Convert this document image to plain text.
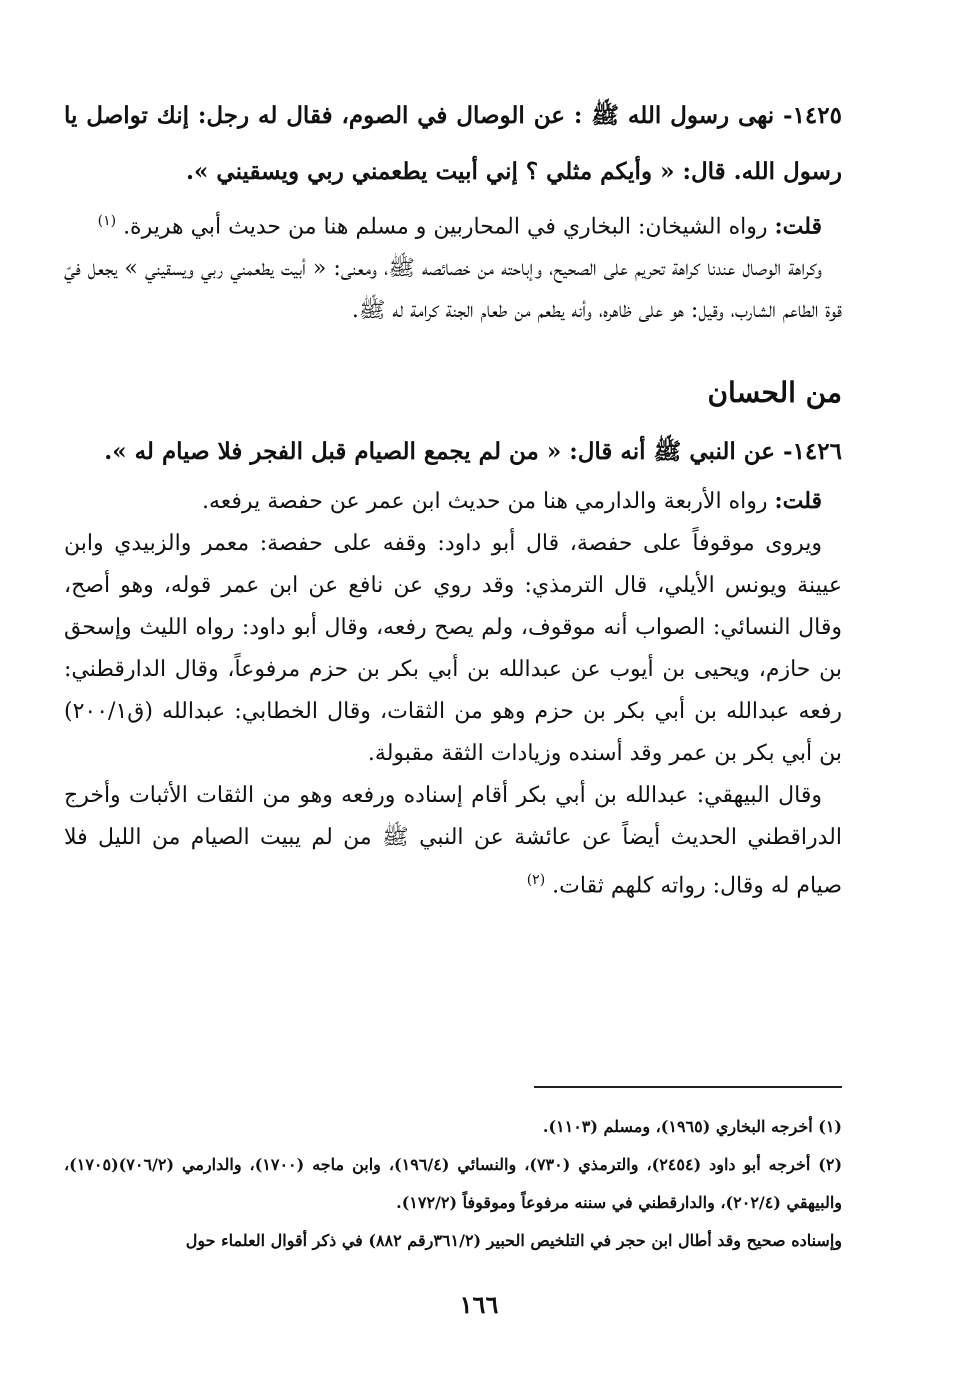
١٤٢٥- نهى رسول الله ﷺ : عن الوصال في الصوم، فقال له رجل: إنك تواصل يا رسول الله. قال: « وأيكم مثلي ؟ إني أبيت يطعمني ربي ويسقيني ».

قلت: رواه الشيخان: البخاري في المحاربين و مسلم هنا من حديث أبي هريرة. $^{(١)}$

وكراهة الوصال عندنا كراهة تحريم على الصحيح، وإباحته من خصائصه ﷺ، ومعنى: « أبيت يطعمني ربي ويسقيني » يجعل فيّ قوة الطاعم الشارب، وقيل: هو على ظاهره، وأنه يطعم من طعام الجنة كرامة له ﷺ.

من الحسان

١٤٢٦- عن النبي ﷺ أنه قال: « من لم يجمع الصيام قبل الفجر فلا صيام له ».

قلت: رواه الأربعة والدارمي هنا من حديث ابن عمر عن حفصة يرفعه.

ويروى موقوفاً على حفصة، قال أبو داود: وقفه على حفصة: معمر والزبيدي وابن عيينة ويونس الأيلي، قال الترمذي: وقد روي عن نافع عن ابن عمر قوله، وهو أصح، وقال النسائي: الصواب أنه موقوف، ولم يصح رفعه، وقال أبو داود: رواه الليث وإسحق بن حازم، ويحيى بن أيوب عن عبدالله بن أبي بكر بن حزم مرفوعاً، وقال الدارقطني: رفعه عبدالله بن أبي بكر بن حزم وهو من الثقات، وقال الخطابي: عبدالله (ق٢٠٠/١) بن أبي بكر بن عمر وقد أسنده وزيادات الثقة مقبولة.

وقال البيهقي: عبدالله بن أبي بكر أقام إسناده ورفعه وهو من الثقات الأثبات وأخرج الدراقطني الحديث أيضاً عن عائشة عن النبي ﷺ من لم يبيت الصيام من الليل فلا صيام له وقال: رواته كلهم ثقات. $^{(٢)}$

(١) أخرجه البخاري (١٩٦٥)، ومسلم (١١٠٣).

(٢) أخرجه أبو داود (٢٤٥٤)، والترمذي (٧٣٠)، والنسائي (١٩٦/٤)، وابن ماجه (١٧٠٠)، والدارمي (٧٠٦/٢)(١٧٠٥)، والبيهقي (٢٠٢/٤)، والدارقطني في سننه مرفوعاً وموقوفاً (١٧٢/٢).

وإسناده صحيح وقد أطال ابن حجر في التلخيص الحبير (٣٦١/٢رقم ٨٨٢) في ذكر أقوال العلماء حول

١٦٦
